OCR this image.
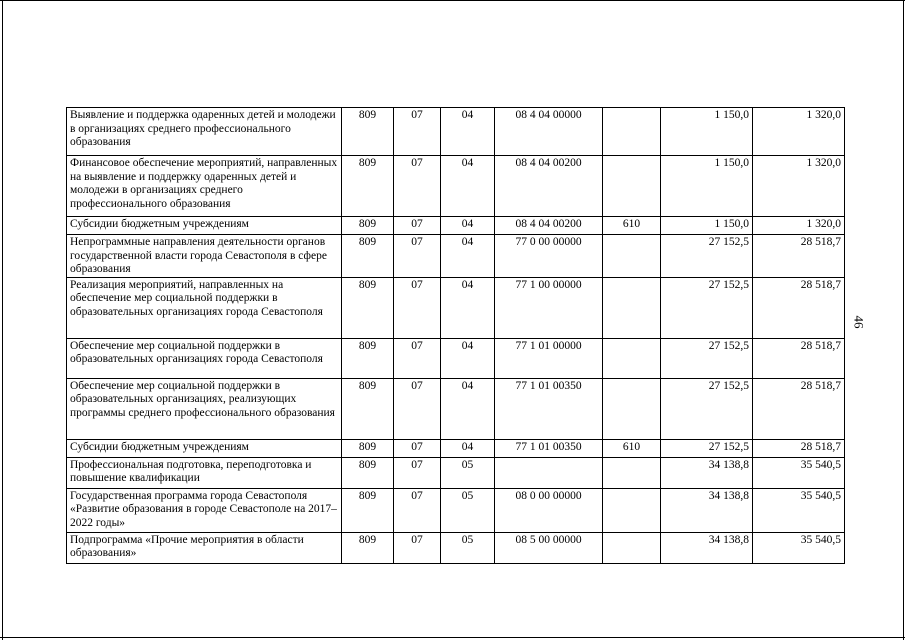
Выявление и поддержка одаренных детей и молодежи в организациях среднего профессионального образования	809	07	04	08 4 04 00000		1 150,0	1 320,0
Финансовое обеспечение мероприятий, направленных на выявление и поддержку одаренных детей и молодежи в организациях среднего профессионального образования	809	07	04	08 4 04 00200		1 150,0	1 320,0
Субсидии бюджетным учреждениям	809	07	04	08 4 04 00200	610	1 150,0	1 320,0
Непрограммные направления деятельности органов государственной власти города Севастополя в сфере образования	809	07	04	77 0 00 00000		27 152,5	28 518,7
Реализация мероприятий, направленных на обеспечение мер социальной поддержки в образовательных организациях города Севастополя	809	07	04	77 1 00 00000		27 152,5	28 518,7
Обеспечение мер социальной поддержки в образовательных организациях города Севастополя	809	07	04	77 1 01 00000		27 152,5	28 518,7
Обеспечение мер социальной поддержки в образовательных организациях, реализующих программы среднего профессионального образования	809	07	04	77 1 01 00350		27 152,5	28 518,7
Субсидии бюджетным учреждениям	809	07	04	77 1 01 00350	610	27 152,5	28 518,7
Профессиональная подготовка, переподготовка и повышение квалификации	809	07	05			34 138,8	35 540,5
Государственная программа города Севастополя «Развитие образования в городе Севастополе на 2017–2022 годы»	809	07	05	08 0 00 00000		34 138,8	35 540,5
Подпрограмма «Прочие мероприятия в области образования»	809	07	05	08 5 00 00000		34 138,8	35 540,5
46
